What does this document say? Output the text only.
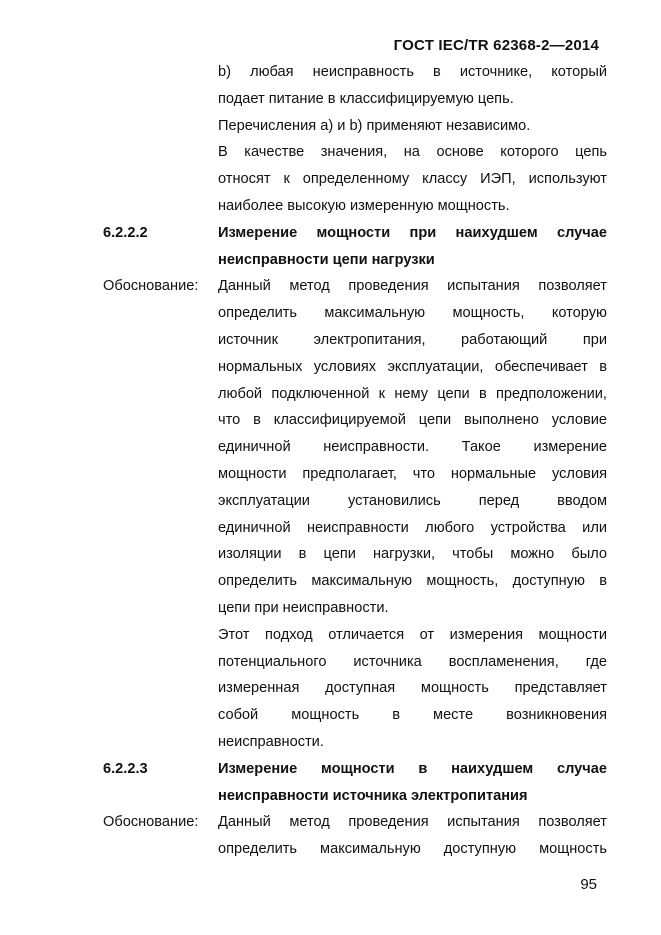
ГОСТ IEC/TR 62368-2—2014
b) любая неисправность в источнике, который
подает питание в классифицируемую цепь.
Перечисления а) и b) применяют независимо.
В качестве значения, на основе которого цепь
относят к определенному классу ИЭП, используют
наиболее высокую измеренную мощность.
6.2.2.2	Измерение мощности при наихудшем случае
неисправности цепи нагрузки
Обоснование:	Данный метод проведения испытания позволяет
определить максимальную мощность, которую
источник электропитания, работающий при
нормальных условиях эксплуатации, обеспечивает в
любой подключенной к нему цепи в предположении,
что в классифицируемой цепи выполнено условие
единичной неисправности. Такое измерение
мощности предполагает, что нормальные условия
эксплуатации установились перед вводом
единичной неисправности любого устройства или
изоляции в цепи нагрузки, чтобы можно было
определить максимальную мощность, доступную в
цепи при неисправности.
Этот подход отличается от измерения мощности
потенциального источника воспламенения, где
измеренная доступная мощность представляет
собой мощность в месте возникновения
неисправности.
6.2.2.3	Измерение мощности в наихудшем случае
неисправности источника электропитания
Обоснование:	Данный метод проведения испытания позволяет
определить максимальную доступную мощность
95
